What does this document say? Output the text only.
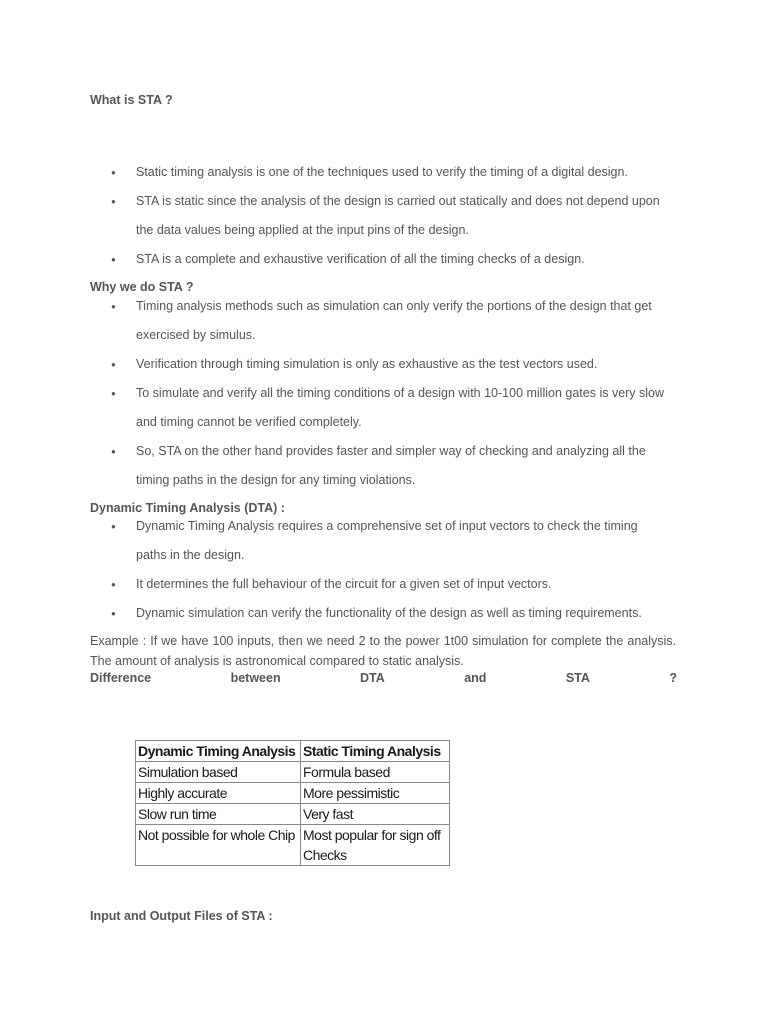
What is STA ?
● Static timing analysis is one of the techniques used to verify the timing of a digital design.
● STA is static since the analysis of the design is carried out statically and does not depend upon the data values being applied at the input pins of the design.
● STA is a complete and exhaustive verification of all the timing checks of a design.
Why we do STA ?
● Timing analysis methods such as simulation can only verify the portions of the design that get exercised by simulus.
● Verification through timing simulation is only as exhaustive as the test vectors used.
● To simulate and verify all the timing conditions of a design with 10-100 million gates is very slow and timing cannot be verified completely.
● So, STA on the other hand provides faster and simpler way of checking and analyzing all the timing paths in the design for any timing violations.
Dynamic Timing Analysis (DTA) :
● Dynamic Timing Analysis requires a comprehensive set of input vectors to check the timing paths in the design.
● It determines the full behaviour of the circuit for a given set of input vectors.
● Dynamic simulation can verify the functionality of the design as well as timing requirements.

Example : If we have 100 inputs, then we need 2 to the power 1t00 simulation for complete the analysis. The amount of analysis is astronomical compared to static analysis.

Difference	between	DTA	and	STA	?
Dynamic Timing Analysis	Static Timing Analysis
Simulation based	Formula based
Highly accurate	More pessimistic
Slow run time	Very fast
Not possible for whole Chip	Most popular for sign off Checks
Input and Output Files of STA :
